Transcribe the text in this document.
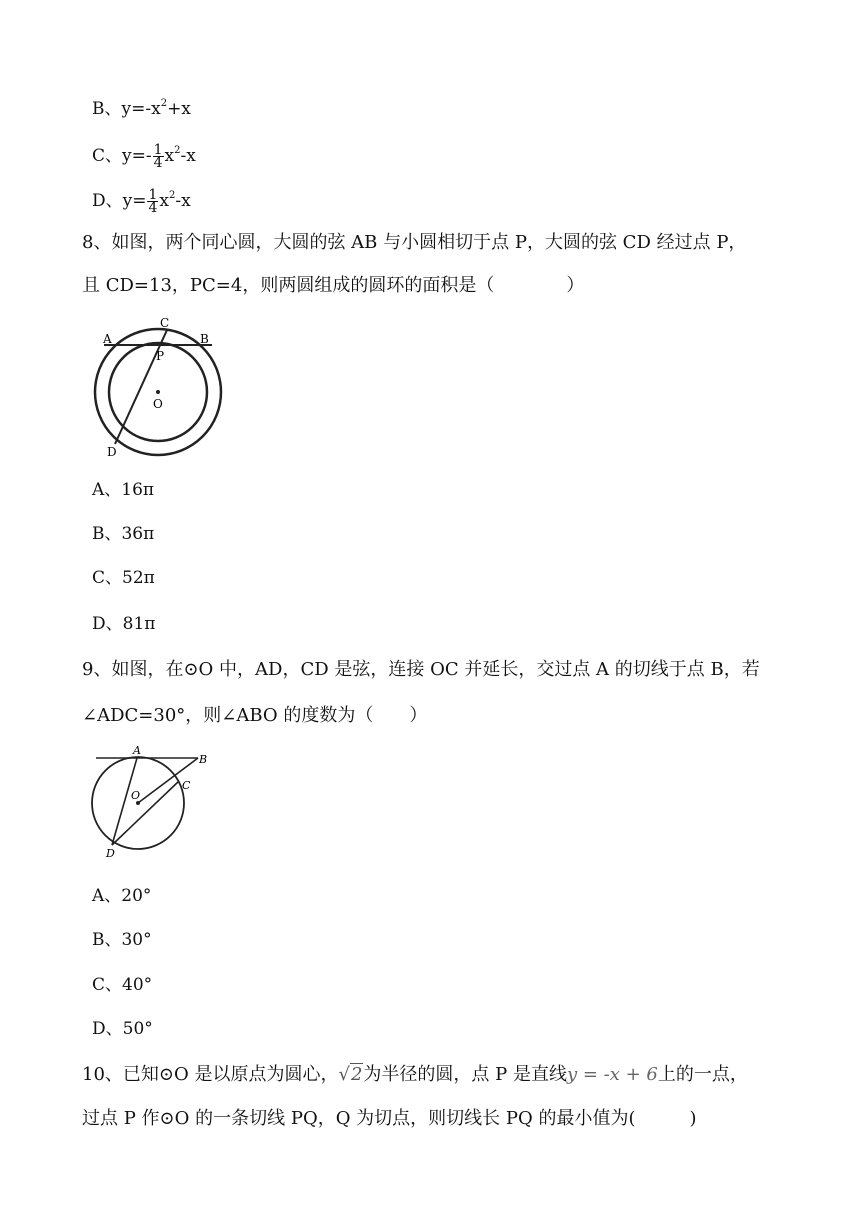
B、$y=-x^2+x$
C、$y=- \frac{1}{4} x^2-x$
D、$y= \frac{1}{4} x^2-x$
8、如图，两个同心圆，大圆的弦 AB 与小圆相切于点 P，大圆的弦 CD 经过点 P，
且 CD=13，PC=4，则两圆组成的圆环的面积是（　　　　）
A	B
C
P
O
D
A、16π
B、36π
C、52π
D、81π
9、如图，在⊙O 中，AD，CD 是弦，连接 OC 并延长，交过点 A 的切线于点 B，若
∠ADC=30°，则∠ABO 的度数为（　　）
A
B
C
O
D
A、20°
B、30°
C、40°
D、50°
10、已知⊙O 是以原点为圆心，√2为半径的圆，点 P 是直线y = -x + 6上的一点，
过点 P 作⊙O 的一条切线 PQ，Q 为切点，则切线长 PQ 的最小值为(　　　)
